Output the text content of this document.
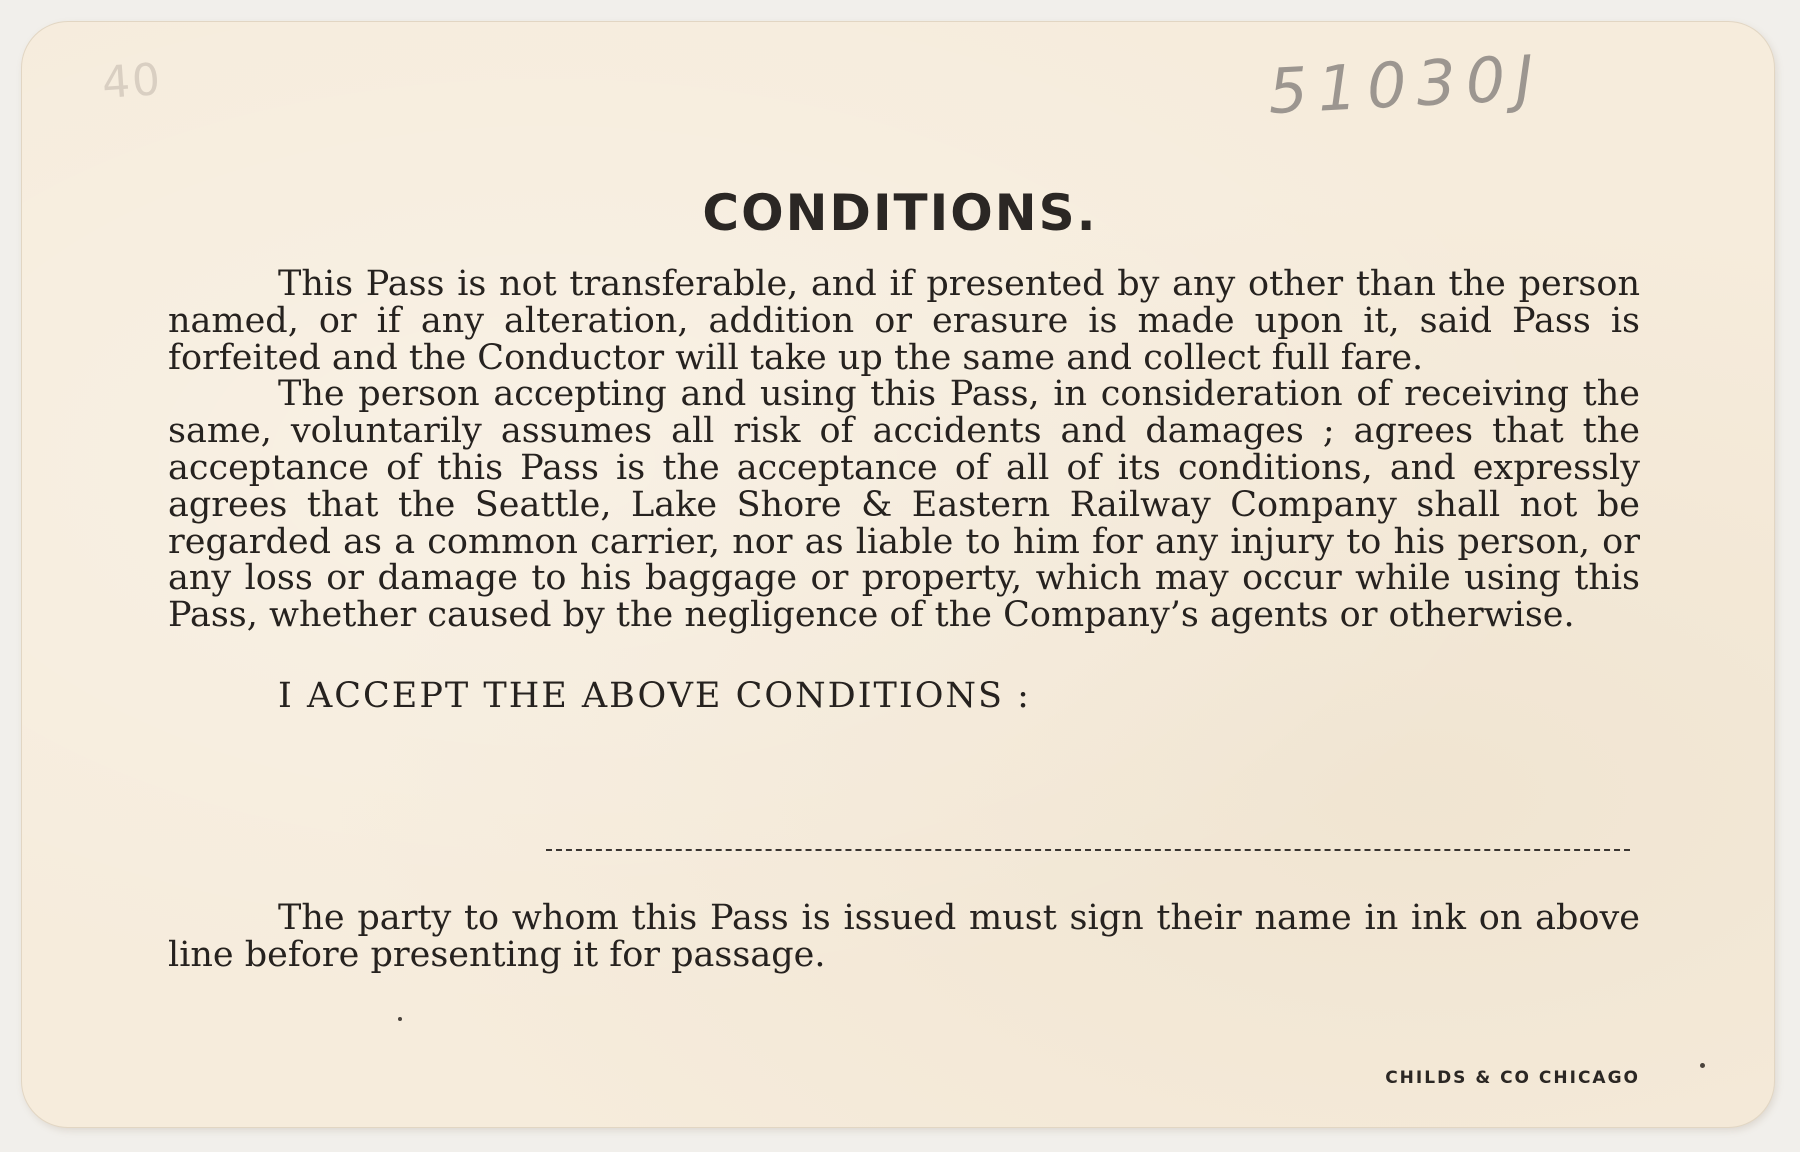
40	51030J
CONDITIONS.

This Pass is not transferable, and if presented by any other than the person named, or if any alteration, addition or erasure is made upon it, said Pass is forfeited and the Conductor will take up the same and collect full fare.

The person accepting and using this Pass, in consideration of receiving the same, voluntarily assumes all risk of accidents and damages ; agrees that the acceptance of this Pass is the acceptance of all of its conditions, and expressly agrees that the Seattle, Lake Shore & Eastern Railway Company shall not be regarded as a common carrier, nor as liable to him for any injury to his person, or any loss or damage to his baggage or property, which may occur while using this Pass, whether caused by the negligence of the Company’s agents or otherwise.

I ACCEPT THE ABOVE CONDITIONS :

The party to whom this Pass is issued must sign their name in ink on above line before presenting it for passage.

CHILDS & CO CHICAGO
